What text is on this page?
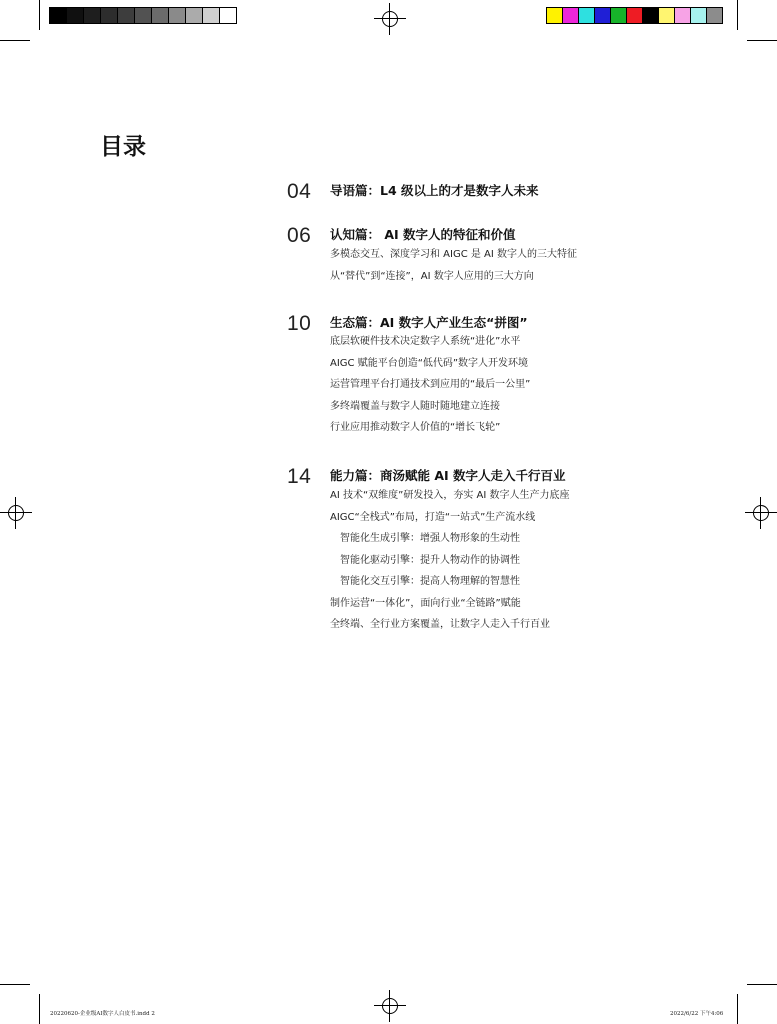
目录
04 导语篇：L4 级以上的才是数字人未来
06 认知篇： AI 数字人的特征和价值
多模态交互、深度学习和 AIGC 是 AI 数字人的三大特征
从“替代”到“连接”，AI 数字人应用的三大方向
10 生态篇：AI 数字人产业生态“拼图”
底层软硬件技术决定数字人系统“进化”水平
AIGC 赋能平台创造“低代码”数字人开发环境
运营管理平台打通技术到应用的“最后一公里”
多终端覆盖与数字人随时随地建立连接
行业应用推动数字人价值的“增长飞轮”
14 能力篇：商汤赋能 AI 数字人走入千行百业
AI 技术“双维度”研发投入，夯实 AI 数字人生产力底座
AIGC“全栈式”布局，打造“一站式”生产流水线
智能化生成引擎：增强人物形象的生动性
智能化驱动引擎：提升人物动作的协调性
智能化交互引擎：提高人物理解的智慧性
制作运营“一体化”，面向行业“全链路”赋能
全终端、全行业方案覆盖，让数字人走入千行百业
20220620-企业级AI数字人白皮书.indd 2	2022/6/22 下午4:06
